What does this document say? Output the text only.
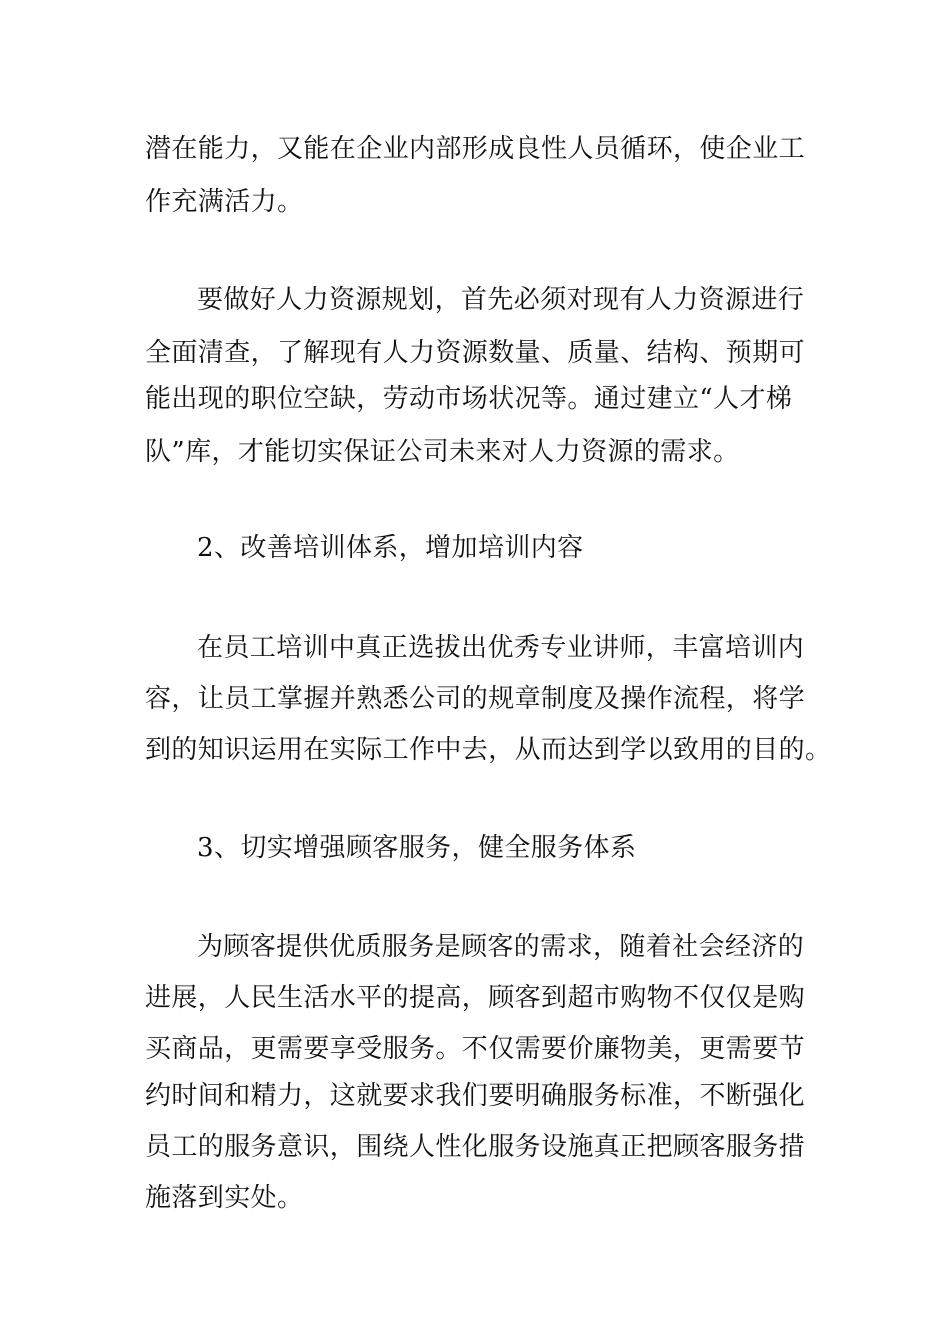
潜在能力，又能在企业内部形成良性人员循环，使企业工
作充满活力。
要做好人力资源规划，首先必须对现有人力资源进行
全面清查，了解现有人力资源数量、质量、结构、预期可
能出现的职位空缺，劳动市场状况等。通过建立“人才梯
队”库，才能切实保证公司未来对人力资源的需求。
2、改善培训体系，增加培训内容
在员工培训中真正选拔出优秀专业讲师，丰富培训内
容，让员工掌握并熟悉公司的规章制度及操作流程，将学
到的知识运用在实际工作中去，从而达到学以致用的目的。
3、切实增强顾客服务，健全服务体系
为顾客提供优质服务是顾客的需求，随着社会经济的
进展，人民生活水平的提高，顾客到超市购物不仅仅是购
买商品，更需要享受服务。不仅需要价廉物美，更需要节
约时间和精力，这就要求我们要明确服务标准，不断强化
员工的服务意识，围绕人性化服务设施真正把顾客服务措
施落到实处。
